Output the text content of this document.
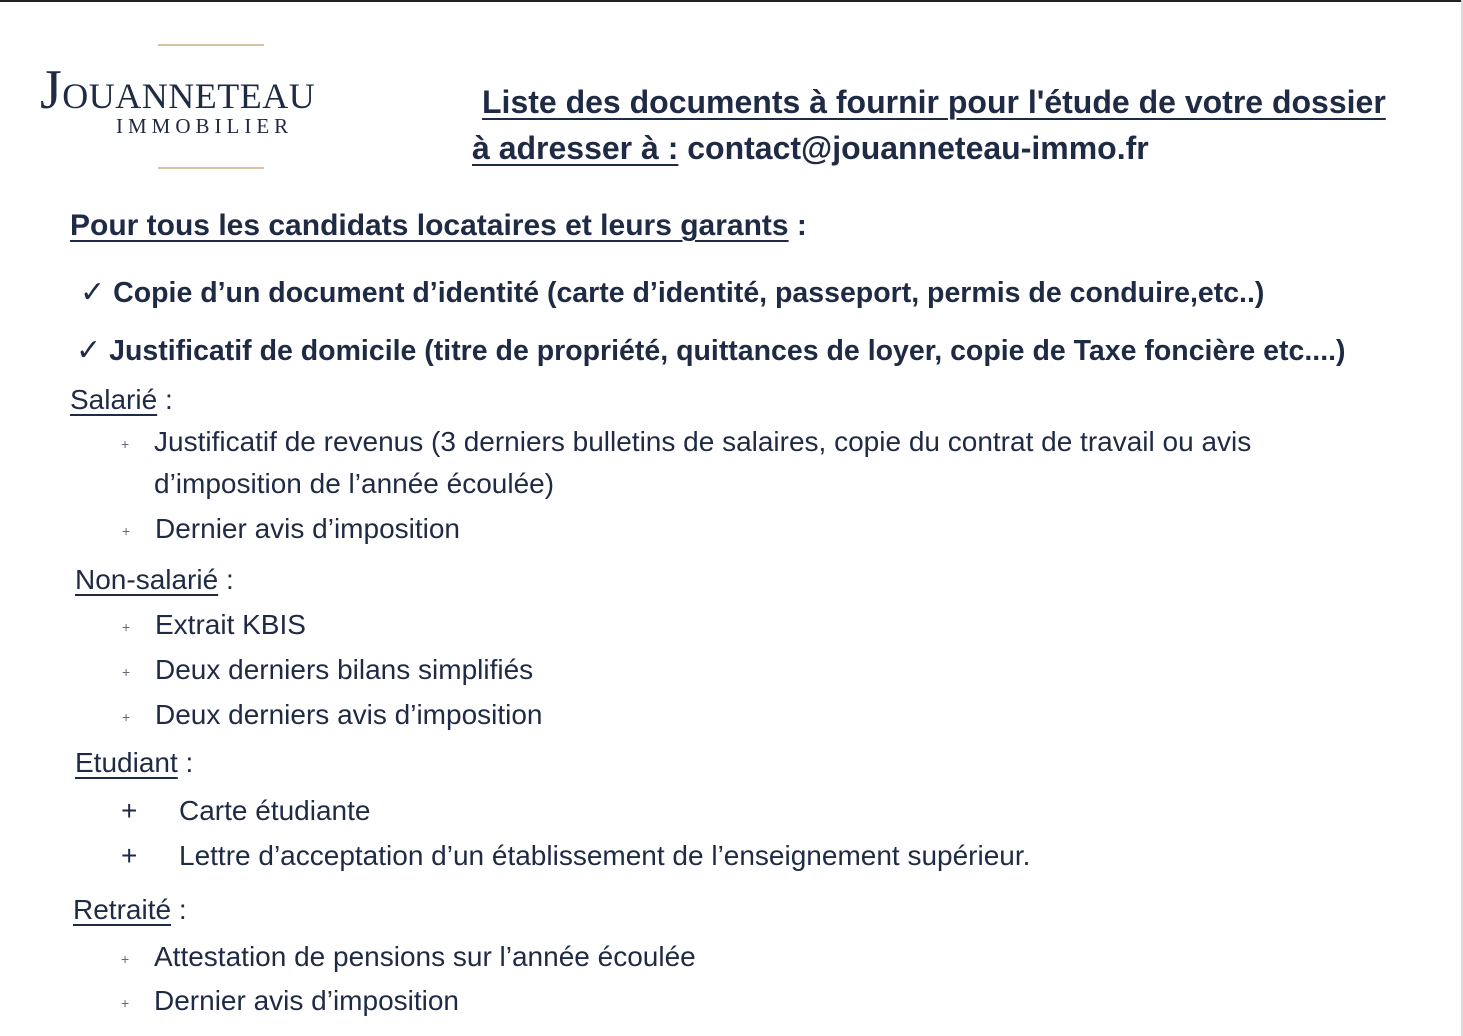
JOUANNETEAU
IMMOBILIER
Liste des documents à fournir pour l'étude de votre dossier
à adresser à : contact@jouanneteau-immo.fr
Pour tous les candidats locataires et leurs garants :
✓ Copie d’un document d’identité (carte d’identité, passeport, permis de conduire,etc..)
✓ Justificatif de domicile (titre de propriété, quittances de loyer, copie de Taxe foncière etc....)
Salarié :
+ Justificatif de revenus (3 derniers bulletins de salaires, copie du contrat de travail ou avis
d’imposition de l’année écoulée)
+ Dernier avis d’imposition
Non-salarié :
+ Extrait KBIS
+ Deux derniers bilans simplifiés
+ Deux derniers avis d’imposition
Etudiant :
+ Carte étudiante
+ Lettre d’acceptation d’un établissement de l’enseignement supérieur.
Retraité :
+ Attestation de pensions sur l’année écoulée
+ Dernier avis d’imposition
